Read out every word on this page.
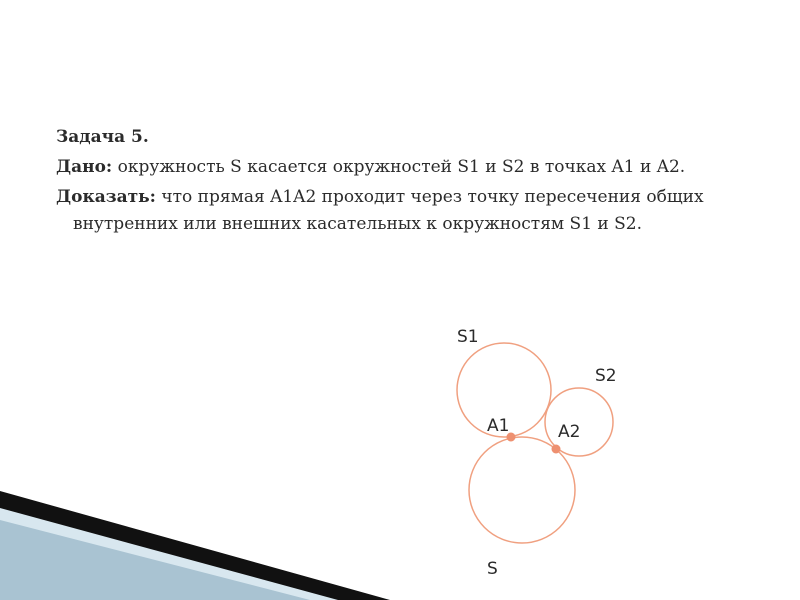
Задача 5.

Дано: окружность S касается окружностей S1 и S2 в точках A1 и A2.

Доказать: что прямая A1A2 проходит через точку пересечения общих
внутренних или внешних касательных к окружностям S1 и S2.

S1
S2
A1	A2
S
